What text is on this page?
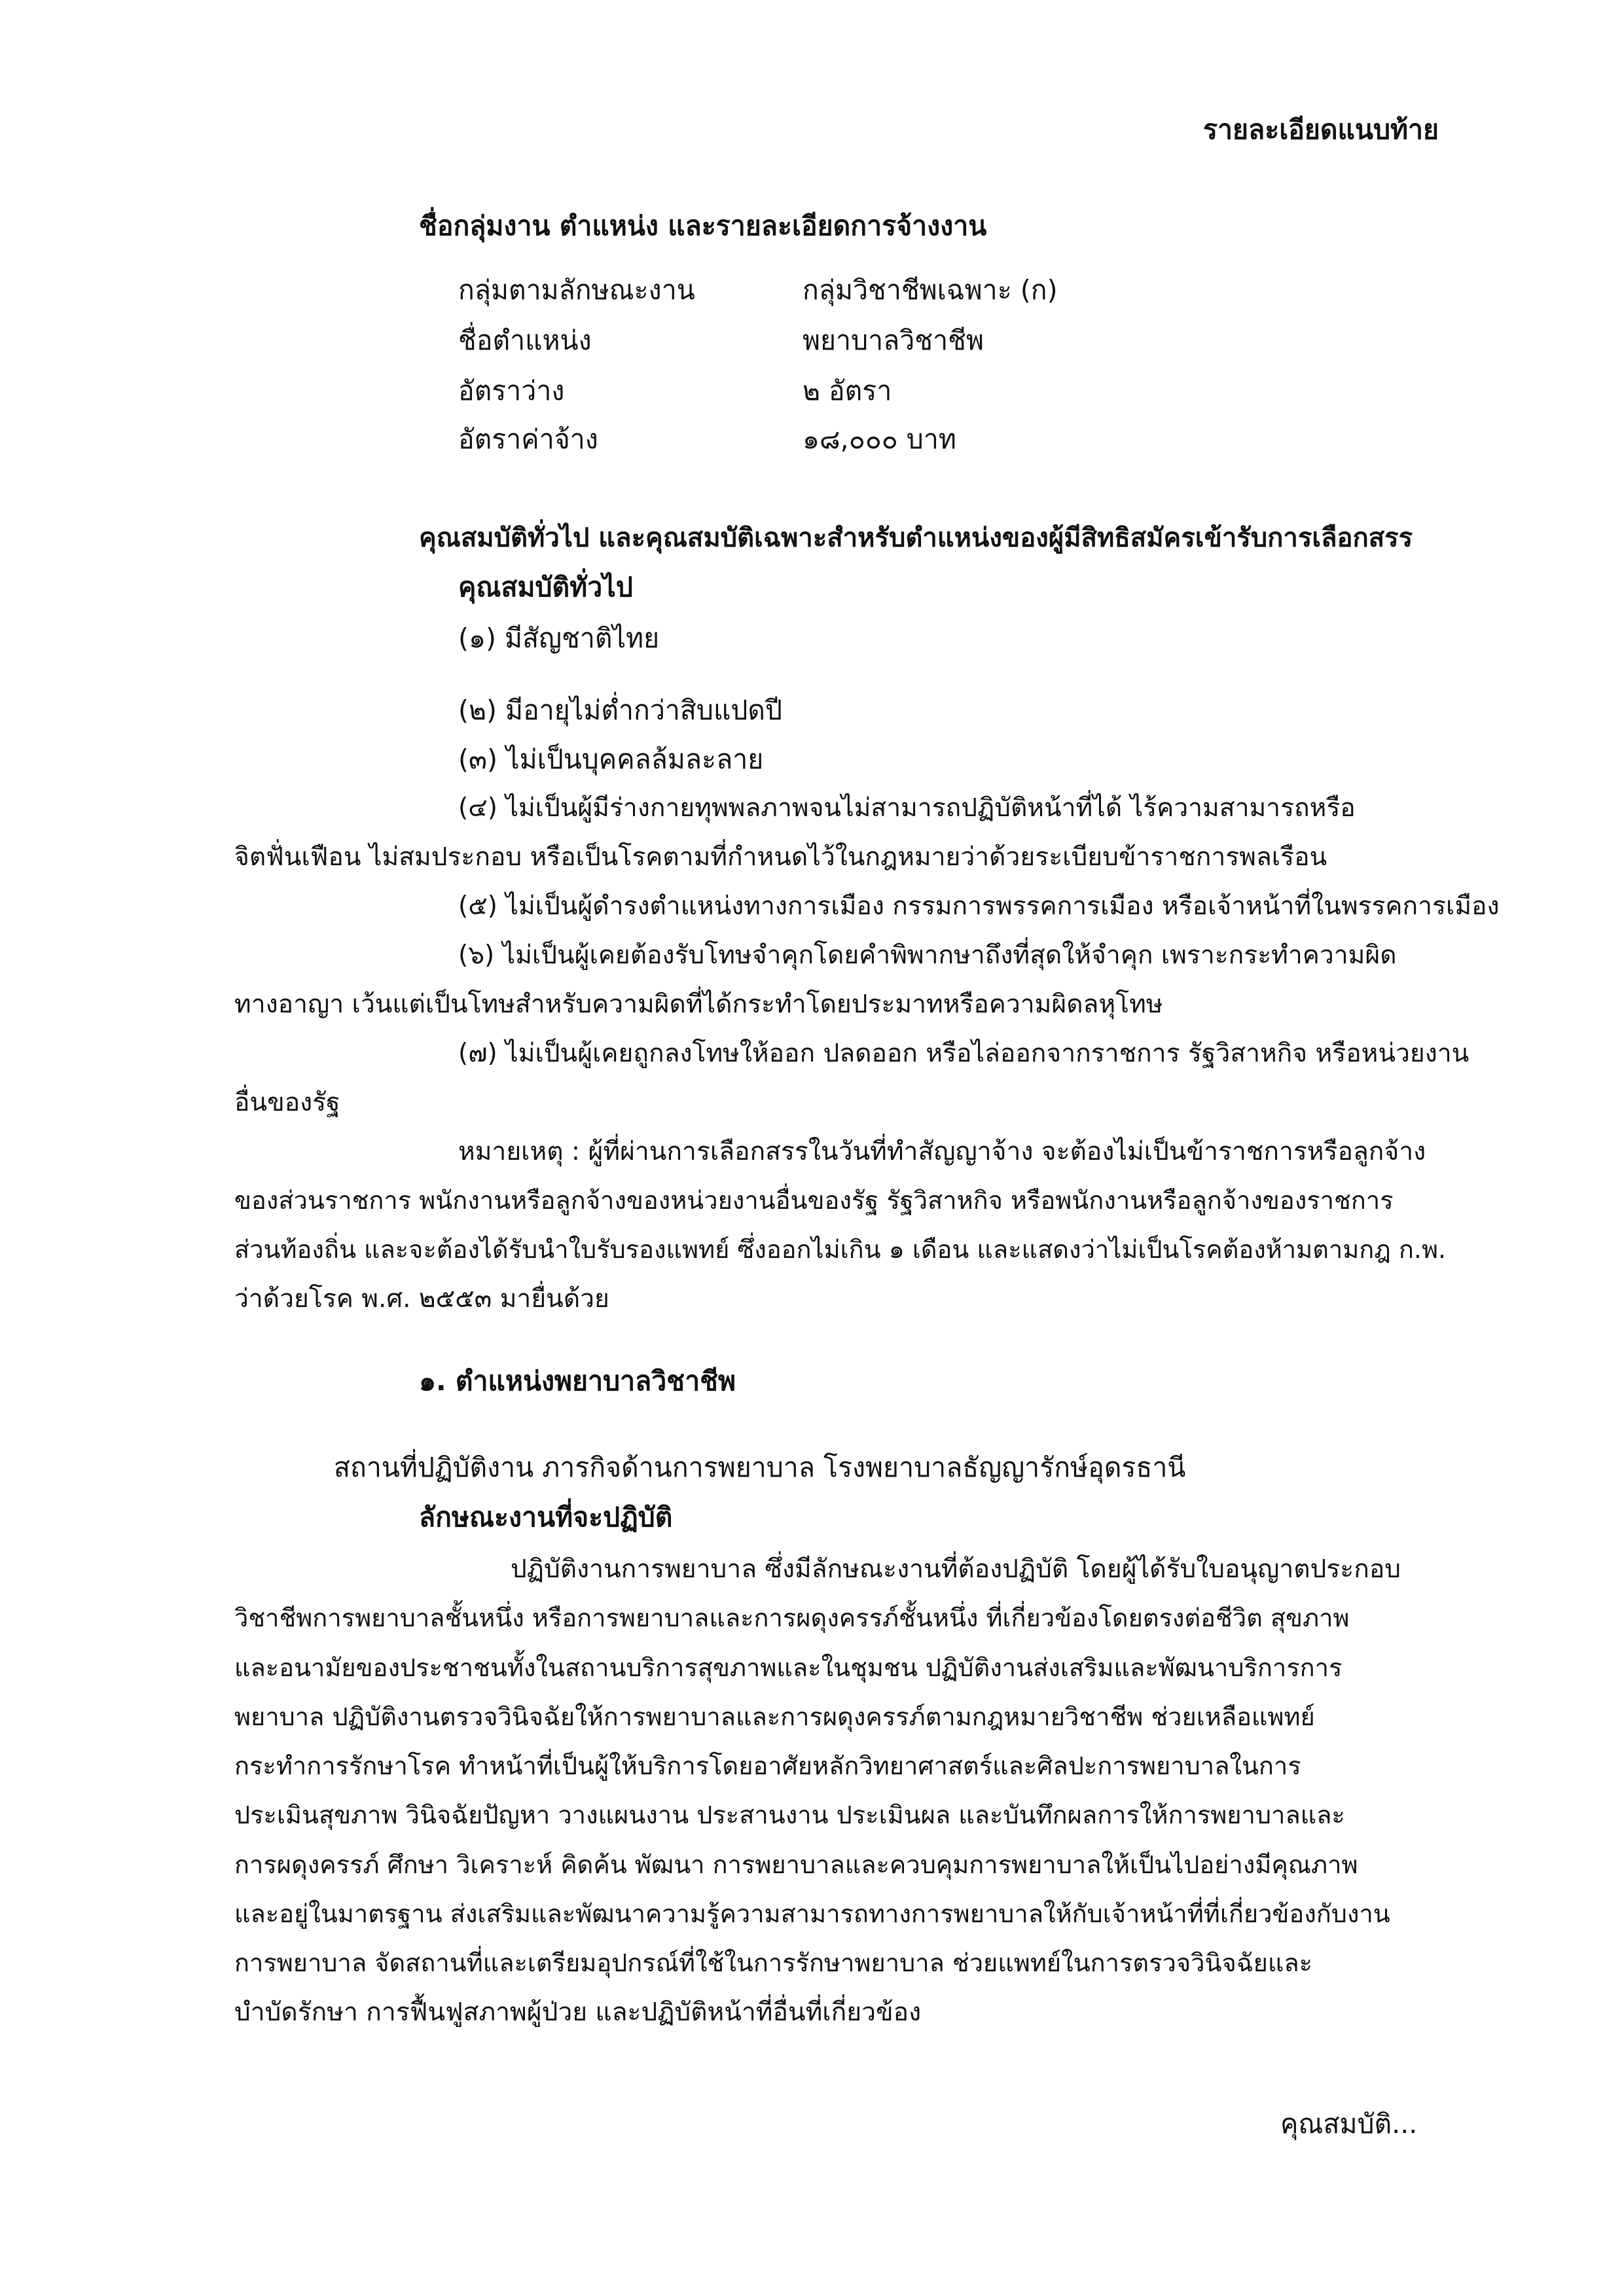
รายละเอียดแนบท้าย
ชื่อกลุ่มงาน ตำแหน่ง และรายละเอียดการจ้างงาน
กลุ่มตามลักษณะงาน	กลุ่มวิชาชีพเฉพาะ (ก)
ชื่อตำแหน่ง	พยาบาลวิชาชีพ
อัตราว่าง	๒ อัตรา
อัตราค่าจ้าง	๑๘,๐๐๐ บาท
คุณสมบัติทั่วไป และคุณสมบัติเฉพาะสำหรับตำแหน่งของผู้มีสิทธิสมัครเข้ารับการเลือกสรร
คุณสมบัติทั่วไป
(๑) มีสัญชาติไทย
(๒) มีอายุไม่ต่ำกว่าสิบแปดปี
(๓) ไม่เป็นบุคคลล้มละลาย
(๔) ไม่เป็นผู้มีร่างกายทุพพลภาพจนไม่สามารถปฏิบัติหน้าที่ได้ ไร้ความสามารถหรือ
จิตฟั่นเฟือน ไม่สมประกอบ หรือเป็นโรคตามที่กำหนดไว้ในกฎหมายว่าด้วยระเบียบข้าราชการพลเรือน
(๕) ไม่เป็นผู้ดำรงตำแหน่งทางการเมือง กรรมการพรรคการเมือง หรือเจ้าหน้าที่ในพรรคการเมือง
(๖) ไม่เป็นผู้เคยต้องรับโทษจำคุกโดยคำพิพากษาถึงที่สุดให้จำคุก เพราะกระทำความผิด
ทางอาญา เว้นแต่เป็นโทษสำหรับความผิดที่ได้กระทำโดยประมาทหรือความผิดลหุโทษ
(๗) ไม่เป็นผู้เคยถูกลงโทษให้ออก ปลดออก หรือไล่ออกจากราชการ รัฐวิสาหกิจ หรือหน่วยงาน
อื่นของรัฐ
หมายเหตุ : ผู้ที่ผ่านการเลือกสรรในวันที่ทำสัญญาจ้าง จะต้องไม่เป็นข้าราชการหรือลูกจ้าง
ของส่วนราชการ พนักงานหรือลูกจ้างของหน่วยงานอื่นของรัฐ รัฐวิสาหกิจ หรือพนักงานหรือลูกจ้างของราชการ
ส่วนท้องถิ่น และจะต้องได้รับนำใบรับรองแพทย์ ซึ่งออกไม่เกิน ๑ เดือน และแสดงว่าไม่เป็นโรคต้องห้ามตามกฎ ก.พ.
ว่าด้วยโรค พ.ศ. ๒๕๕๓ มายื่นด้วย
๑. ตำแหน่งพยาบาลวิชาชีพ
สถานที่ปฏิบัติงาน ภารกิจด้านการพยาบาล โรงพยาบาลธัญญารักษ์อุดรธานี
ลักษณะงานที่จะปฏิบัติ
ปฏิบัติงานการพยาบาล ซึ่งมีลักษณะงานที่ต้องปฏิบัติ โดยผู้ได้รับใบอนุญาตประกอบ
วิชาชีพการพยาบาลชั้นหนึ่ง หรือการพยาบาลและการผดุงครรภ์ชั้นหนึ่ง ที่เกี่ยวข้องโดยตรงต่อชีวิต สุขภาพ
และอนามัยของประชาชนทั้งในสถานบริการสุขภาพและในชุมชน ปฏิบัติงานส่งเสริมและพัฒนาบริการการ
พยาบาล ปฏิบัติงานตรวจวินิจฉัยให้การพยาบาลและการผดุงครรภ์ตามกฎหมายวิชาชีพ ช่วยเหลือแพทย์
กระทำการรักษาโรค ทำหน้าที่เป็นผู้ให้บริการโดยอาศัยหลักวิทยาศาสตร์และศิลปะการพยาบาลในการ
ประเมินสุขภาพ วินิจฉัยปัญหา วางแผนงาน ประสานงาน ประเมินผล และบันทึกผลการให้การพยาบาลและ
การผดุงครรภ์ ศึกษา วิเคราะห์ คิดค้น พัฒนา การพยาบาลและควบคุมการพยาบาลให้เป็นไปอย่างมีคุณภาพ
และอยู่ในมาตรฐาน ส่งเสริมและพัฒนาความรู้ความสามารถทางการพยาบาลให้กับเจ้าหน้าที่ที่เกี่ยวข้องกับงาน
การพยาบาล จัดสถานที่และเตรียมอุปกรณ์ที่ใช้ในการรักษาพยาบาล ช่วยแพทย์ในการตรวจวินิจฉัยและ
บำบัดรักษา การฟื้นฟูสภาพผู้ป่วย และปฏิบัติหน้าที่อื่นที่เกี่ยวข้อง
คุณสมบัติ...
